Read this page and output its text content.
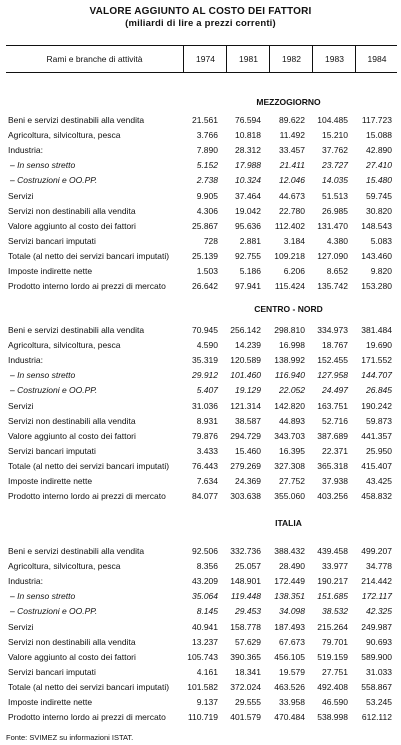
VALORE AGGIUNTO AL COSTO DEI FATTORI
(miliardi di lire a prezzi correnti)
Rami e branche di attività	1974	1981	1982	1983	1984
MEZZOGIORNO
Beni e servizi destinabili alla vendita	21.561	76.594	89.622	104.485	117.723
Agricoltura, silvicoltura, pesca	3.766	10.818	11.492	15.210	15.088
Industria:	7.890	28.312	33.457	37.762	42.890
– In senso stretto	5.152	17.988	21.411	23.727	27.410
– Costruzioni e OO.PP.	2.738	10.324	12.046	14.035	15.480
Servizi	9.905	37.464	44.673	51.513	59.745
Servizi non destinabili alla vendita	4.306	19.042	22.780	26.985	30.820
Valore aggiunto al costo dei fattori	25.867	95.636	112.402	131.470	148.543
Servizi bancari imputati	728	2.881	3.184	4.380	5.083
Totale (al netto dei servizi bancari imputati)	25.139	92.755	109.218	127.090	143.460
Imposte indirette nette	1.503	5.186	6.206	8.652	9.820
Prodotto interno lordo ai prezzi di mercato	26.642	97.941	115.424	135.742	153.280
CENTRO - NORD
Beni e servizi destinabili alla vendita	70.945	256.142	298.810	334.973	381.484
Agricoltura, silvicoltura, pesca	4.590	14.239	16.998	18.767	19.690
Industria:	35.319	120.589	138.992	152.455	171.552
– In senso stretto	29.912	101.460	116.940	127.958	144.707
– Costruzioni e OO.PP.	5.407	19.129	22.052	24.497	26.845
Servizi	31.036	121.314	142.820	163.751	190.242
Servizi non destinabili alla vendita	8.931	38.587	44.893	52.716	59.873
Valore aggiunto al costo dei fattori	79.876	294.729	343.703	387.689	441.357
Servizi bancari imputati	3.433	15.460	16.395	22.371	25.950
Totale (al netto dei servizi bancari imputati)	76.443	279.269	327.308	365.318	415.407
Imposte indirette nette	7.634	24.369	27.752	37.938	43.425
Prodotto interno lordo ai prezzi di mercato	84.077	303.638	355.060	403.256	458.832
ITALIA
Beni e servizi destinabili alla vendita	92.506	332.736	388.432	439.458	499.207
Agricoltura, silvicoltura, pesca	8.356	25.057	28.490	33.977	34.778
Industria:	43.209	148.901	172.449	190.217	214.442
– In senso stretto	35.064	119.448	138.351	151.685	172.117
– Costruzioni e OO.PP.	8.145	29.453	34.098	38.532	42.325
Servizi	40.941	158.778	187.493	215.264	249.987
Servizi non destinabili alla vendita	13.237	57.629	67.673	79.701	90.693
Valore aggiunto al costo dei fattori	105.743	390.365	456.105	519.159	589.900
Servizi bancari imputati	4.161	18.341	19.579	27.751	31.033
Totale (al netto dei servizi bancari imputati)	101.582	372.024	463.526	492.408	558.867
Imposte indirette nette	9.137	29.555	33.958	46.590	53.245
Prodotto interno lordo ai prezzi di mercato	110.719	401.579	470.484	538.998	612.112
Fonte: SVIMEZ su informazioni ISTAT.
